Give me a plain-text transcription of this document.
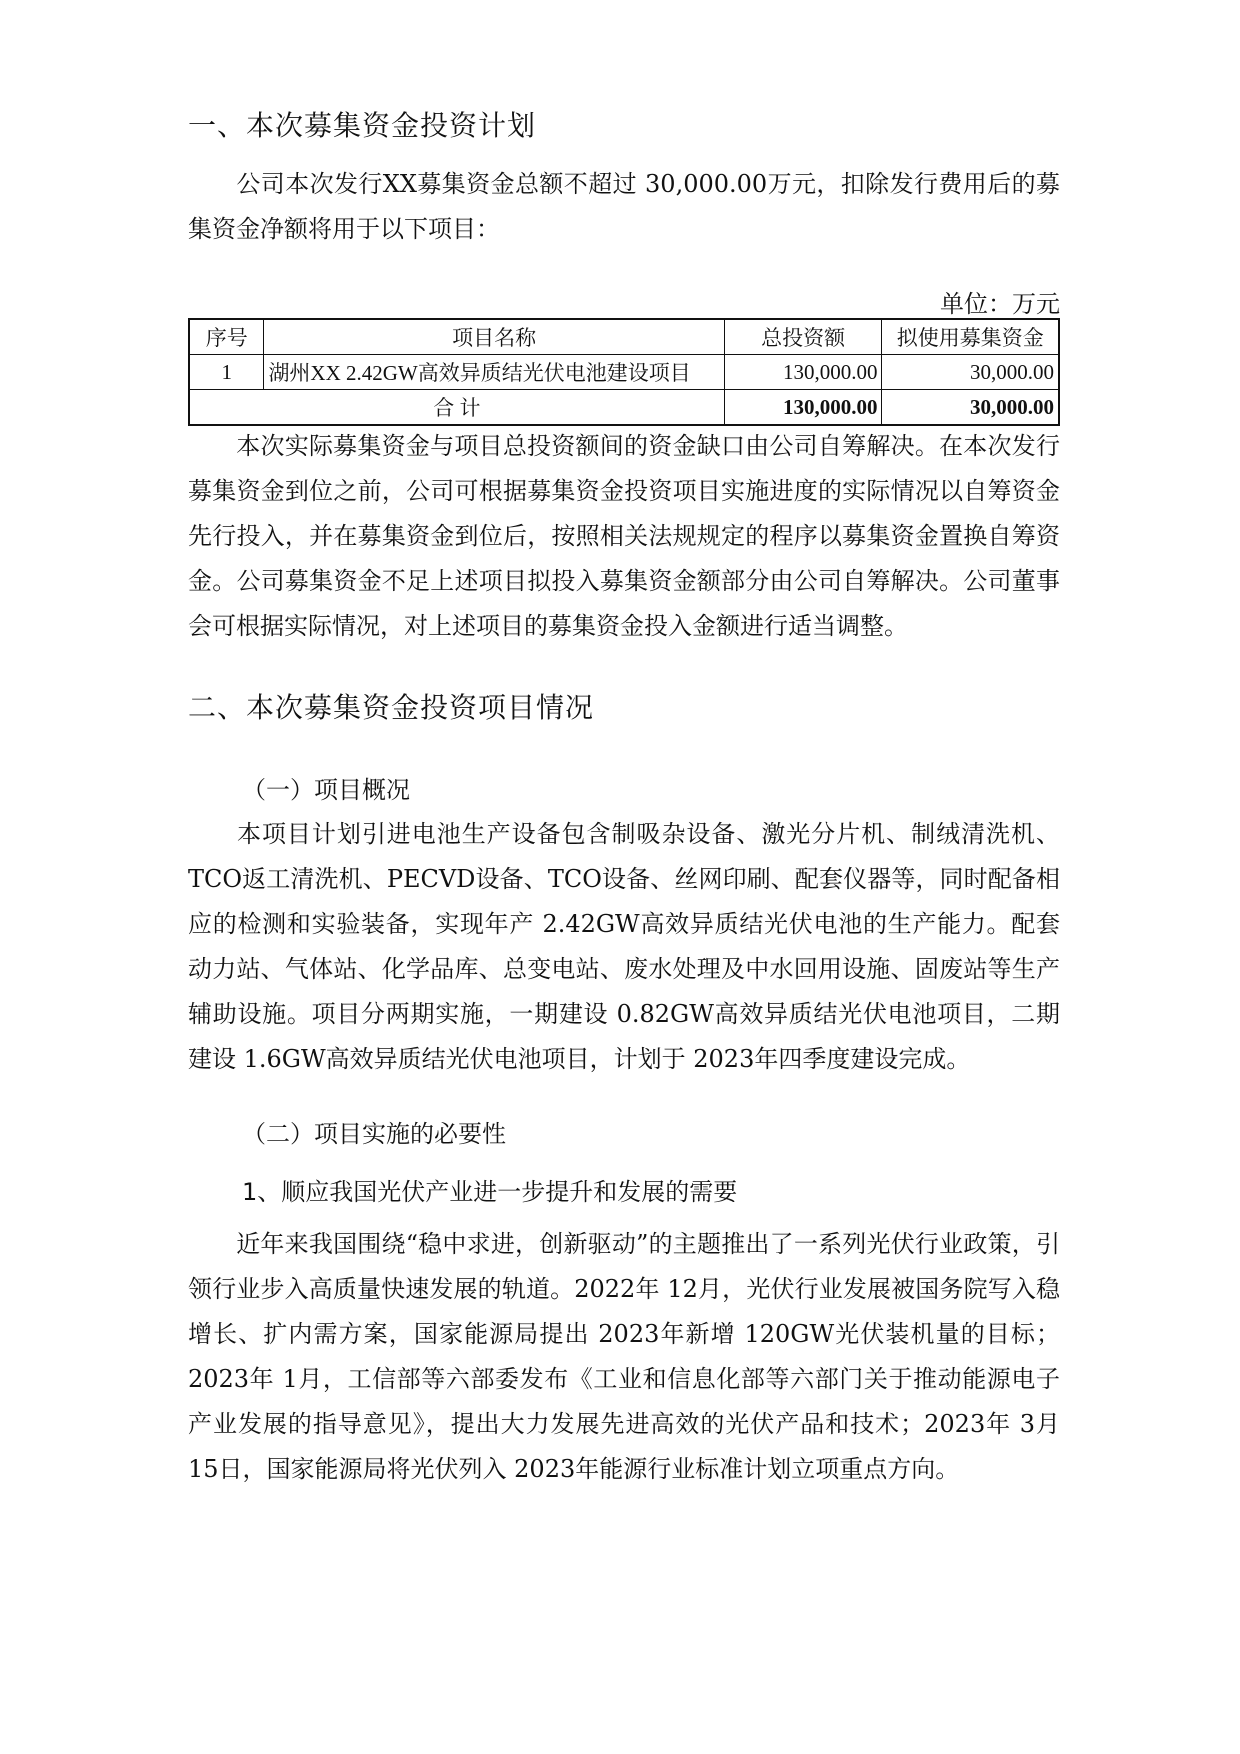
一、本次募集资金投资计划
公司本次发行XX募集资金总额不超过 30,000.00万元，扣除发行费用后的募集资金净额将用于以下项目：
单位：万元
序号	项目名称	总投资额	拟使用募集资金
1	湖州XX 2.42GW高效异质结光伏电池建设项目	130,000.00	30,000.00
合 计		130,000.00	30,000.00
本次实际募集资金与项目总投资额间的资金缺口由公司自筹解决。在本次发行募集资金到位之前，公司可根据募集资金投资项目实施进度的实际情况以自筹资金先行投入，并在募集资金到位后，按照相关法规规定的程序以募集资金置换自筹资金。公司募集资金不足上述项目拟投入募集资金额部分由公司自筹解决。公司董事会可根据实际情况，对上述项目的募集资金投入金额进行适当调整。
二、本次募集资金投资项目情况
（一）项目概况
本项目计划引进电池生产设备包含制吸杂设备、激光分片机、制绒清洗机、TCO返工清洗机、PECVD设备、TCO设备、丝网印刷、配套仪器等，同时配备相应的检测和实验装备，实现年产 2.42GW高效异质结光伏电池的生产能力。配套动力站、气体站、化学品库、总变电站、废水处理及中水回用设施、固废站等生产辅助设施。项目分两期实施，一期建设 0.82GW高效异质结光伏电池项目，二期建设 1.6GW高效异质结光伏电池项目，计划于 2023年四季度建设完成。
（二）项目实施的必要性
1、顺应我国光伏产业进一步提升和发展的需要
近年来我国围绕“稳中求进，创新驱动”的主题推出了一系列光伏行业政策，引领行业步入高质量快速发展的轨道。2022年 12月，光伏行业发展被国务院写入稳增长、扩内需方案，国家能源局提出 2023年新增 120GW光伏装机量的目标；2023年 1月，工信部等六部委发布《工业和信息化部等六部门关于推动能源电子产业发展的指导意见》，提出大力发展先进高效的光伏产品和技术；2023年 3月 15日，国家能源局将光伏列入 2023年能源行业标准计划立项重点方向。
